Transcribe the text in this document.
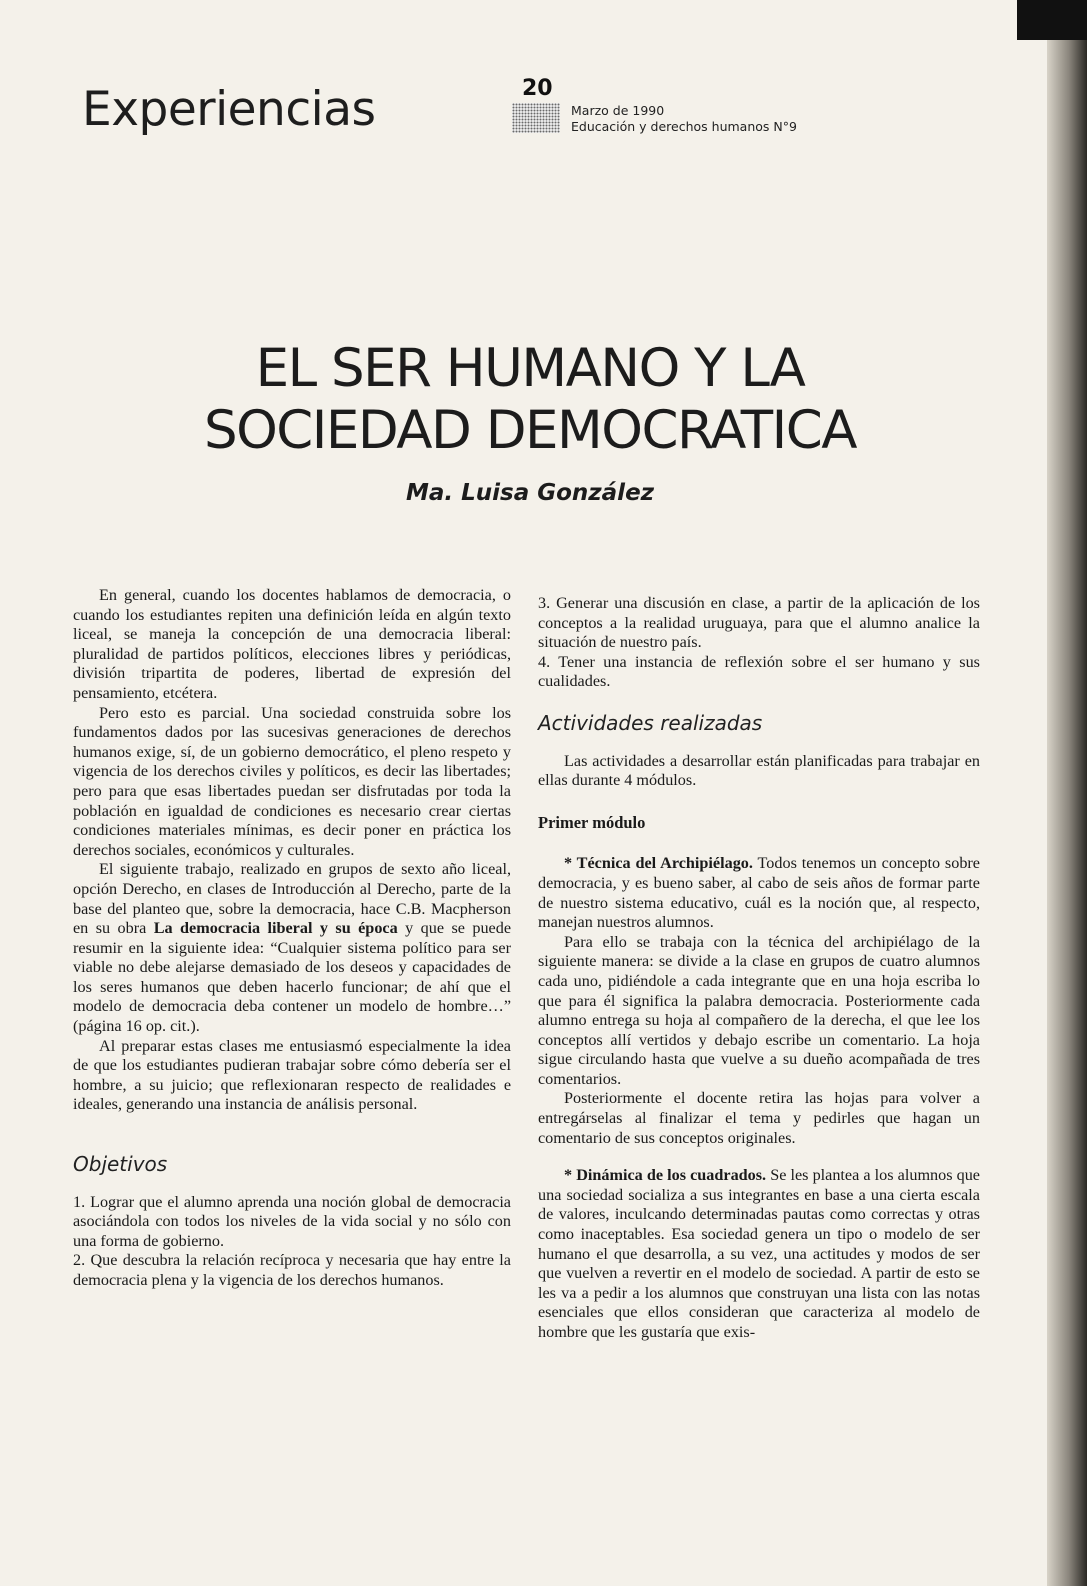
Experiencias	20
Marzo de 1990
Educación y derechos humanos N°9
EL SER HUMANO Y LA
SOCIEDAD DEMOCRATICA

Ma. Luisa González

En general, cuando los docentes hablamos de democracia, o cuando los estudiantes repiten una definición leída en algún texto liceal, se maneja la concepción de una democracia liberal: pluralidad de partidos políticos, elecciones libres y periódicas, división tripartita de poderes, libertad de expresión del pensamiento, etcétera.

Pero esto es parcial. Una sociedad construida sobre los fundamentos dados por las sucesivas generaciones de derechos humanos exige, sí, de un gobierno democrático, el pleno respeto y vigencia de los derechos civiles y políticos, es decir las libertades; pero para que esas libertades puedan ser disfrutadas por toda la población en igualdad de condiciones es necesario crear ciertas condiciones materiales mínimas, es decir poner en práctica los derechos sociales, económicos y culturales.

El siguiente trabajo, realizado en grupos de sexto año liceal, opción Derecho, en clases de Introducción al Derecho, parte de la base del planteo que, sobre la democracia, hace C.B. Macpherson en su obra La democracia liberal y su época y que se puede resumir en la siguiente idea: “Cualquier sistema político para ser viable no debe alejarse demasiado de los deseos y capacidades de los seres humanos que deben hacerlo funcionar; de ahí que el modelo de democracia deba contener un modelo de hombre…” (página 16 op. cit.).

Al preparar estas clases me entusiasmó especialmente la idea de que los estudiantes pudieran trabajar sobre cómo debería ser el hombre, a su juicio; que reflexionaran respecto de realidades e ideales, generando una instancia de análisis personal.

Objetivos
1. Lograr que el alumno aprenda una noción global de democracia asociándola con todos los niveles de la vida social y no sólo con una forma de gobierno.
2. Que descubra la relación recíproca y necesaria que hay entre la democracia plena y la vigencia de los derechos humanos.
3. Generar una discusión en clase, a partir de la aplicación de los conceptos a la realidad uruguaya, para que el alumno analice la situación de nuestro país.
4. Tener una instancia de reflexión sobre el ser humano y sus cualidades.
Actividades realizadas

Las actividades a desarrollar están planificadas para trabajar en ellas durante 4 módulos.

Primer módulo

* Técnica del Archipiélago. Todos tenemos un concepto sobre democracia, y es bueno saber, al cabo de seis años de formar parte de nuestro sistema educativo, cuál es la noción que, al respecto, manejan nuestros alumnos.

Para ello se trabaja con la técnica del archipiélago de la siguiente manera: se divide a la clase en grupos de cuatro alumnos cada uno, pidiéndole a cada integrante que en una hoja escriba lo que para él significa la palabra democracia. Posteriormente cada alumno entrega su hoja al compañero de la derecha, el que lee los conceptos allí vertidos y debajo escribe un comentario. La hoja sigue circulando hasta que vuelve a su dueño acompañada de tres comentarios.

Posteriormente el docente retira las hojas para volver a entregárselas al finalizar el tema y pedirles que hagan un comentario de sus conceptos originales.

* Dinámica de los cuadrados. Se les plantea a los alumnos que una sociedad socializa a sus integrantes en base a una cierta escala de valores, inculcando determinadas pautas como correctas y otras como inaceptables. Esa sociedad genera un tipo o modelo de ser humano el que desarrolla, a su vez, una actitudes y modos de ser que vuelven a revertir en el modelo de sociedad. A partir de esto se les va a pedir a los alumnos que construyan una lista con las notas esenciales que ellos consideran que caracteriza al modelo de hombre que les gustaría que exis-
